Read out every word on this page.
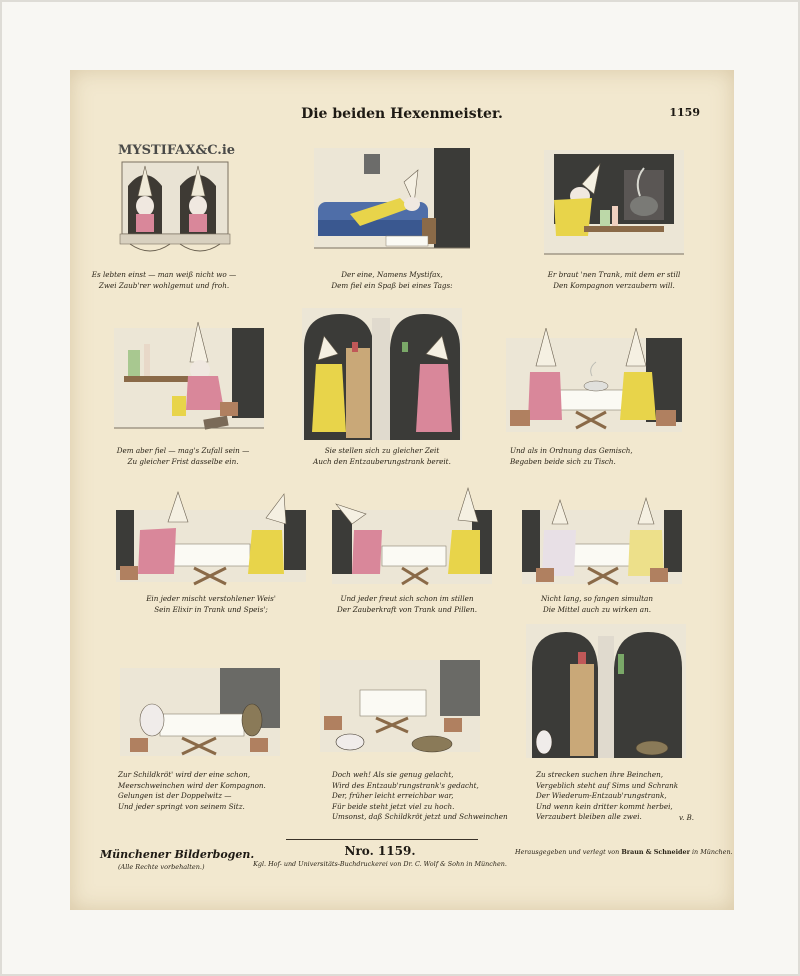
Die beiden Hexenmeister.	1159
MYSTIFAX&C.ie
Es lebten einst — man weiß nicht wo —
Zwei Zaub'rer wohlgemut und froh.
Der eine, Namens Mystifax,
Dem fiel ein Spaß bei eines Tags:
Er braut 'nen Trank, mit dem er still
Den Kompagnon verzaubern will.
Dem aber fiel — mag's Zufall sein —
Zu gleicher Frist dasselbe ein.
Sie stellen sich zu gleicher Zeit
Auch den Entzauberungstrank bereit.
Und als in Ordnung das Gemisch,
Begaben beide sich zu Tisch.
Ein jeder mischt verstohlener Weis'
Sein Elixir in Trank und Speis';
Und jeder freut sich schon im stillen
Der Zauberkraft von Trank und Pillen.
Nicht lang, so fangen simultan
Die Mittel auch zu wirken an.
Zur Schildkröt' wird der eine schon,
Meerschweinchen wird der Kompagnon.
Gelungen ist der Doppelwitz —
Und jeder springt von seinem Sitz.
Doch weh! Als sie genug gelacht,
Wird des Entzaub'rungstrank's gedacht,
Der, früher leicht erreichbar war,
Für beide steht jetzt viel zu hoch.
Umsonst, daß Schildkröt jetzt und Schweinchen
Zu strecken suchen ihre Beinchen,
Vergeblich steht auf Sims und Schrank
Der Wiederum-Entzaub'rungstrank,
Und wenn kein dritter kommt herbei,
Verzaubert bleiben alle zwei.	v. B.
Münchener Bilderbogen.
(Alle Rechte vorbehalten.)
Nro. 1159.
Kgl. Hof- und Universitäts-Buchdruckerei von Dr. C. Wolf & Sohn in München.
Herausgegeben und verlegt von Braun & Schneider in München.
